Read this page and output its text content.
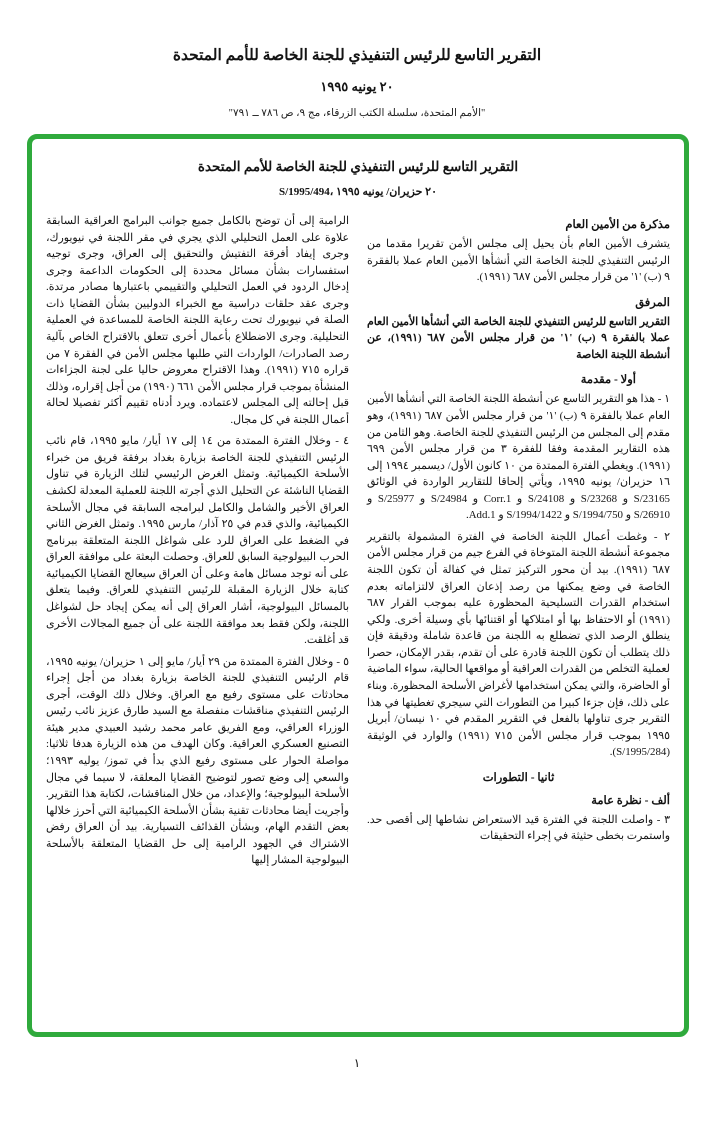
التقرير التاسع للرئيس التنفيذي للجنة الخاصة للأمم المتحدة
٢٠ يونيه ١٩٩٥
"الأمم المتحدة، سلسلة الكتب الزرقاء، مج ٩، ص ٧٨٦ ــ ٧٩١"
التقرير التاسع للرئيس التنفيذي للجنة الخاصة للأمم المتحدة
S/1995/494، ٢٠ حزيران/ يونيه ١٩٩٥
مذكرة من الأمين العام

يتشرف الأمين العام بأن يحيل إلى مجلس الأمن تقريرا مقدما من الرئيس التنفيذي للجنة الخاصة التي أنشأها الأمين العام عملا بالفقرة ٩ (ب) '١' من قرار مجلس الأمن ٦٨٧ (١٩٩١).

المرفق

التقرير التاسع للرئيس التنفيذي للجنة الخاصة التي أنشأها الأمين العام عملا بالفقرة ٩ (ب) '١' من قرار مجلس الأمن ٦٨٧ (١٩٩١)، عن أنشطة اللجنة الخاصة

أولا - مقدمة

١ - هذا هو التقرير التاسع عن أنشطة اللجنة الخاصة التي أنشأها الأمين العام عملا بالفقرة ٩ (ب) '١' من قرار مجلس الأمن ٦٨٧ (١٩٩١)، وهو مقدم إلى المجلس من الرئيس التنفيذي للجنة الخاصة. وهو الثامن من هذه التقارير المقدمة وفقا للفقرة ٣ من قرار مجلس الأمن ٦٩٩ (١٩٩١). ويغطي الفترة الممتدة من ١٠ كانون الأول/ ديسمبر ١٩٩٤ إلى ١٦ حزيران/ يونيه ١٩٩٥، ويأتي إلحاقا للتقارير الواردة في الوثائق S/23165 و S/23268 و S/24108 و Corr.1 و S/24984 و S/25977 و S/26910 و S/1994/750 و S/1994/1422 و Add.1.

٢ - وغطت أعمال اللجنة الخاصة في الفترة المشمولة بالتقرير مجموعة أنشطة اللجنة المتوخاة في الفرع جيم من قرار مجلس الأمن ٦٨٧ (١٩٩١). بيد أن محور التركيز تمثل في كفالة أن تكون اللجنة الخاصة في وضع يمكنها من رصد إذعان العراق لالتزاماته بعدم استخدام القدرات التسليحية المحظورة عليه بموجب القرار ٦٨٧ (١٩٩١) أو الاحتفاظ بها أو امتلاكها أو اقتنائها بأي وسيلة أخرى. ولكي ينطلق الرصد الذي تضطلع به اللجنة من قاعدة شاملة ودقيقة فإن ذلك يتطلب أن تكون اللجنة قادرة على أن تقدم، بقدر الإمكان، حصرا لعملية التخلص من القدرات العراقية أو مواقعها الحالية، سواء الماضية أو الحاضرة، والتي يمكن استخدامها لأغراض الأسلحة المحظورة. وبناء على ذلك، فإن جزءا كبيرا من التطورات التي سيجري تغطيتها في هذا التقرير جرى تناولها بالفعل في التقرير المقدم في ١٠ نيسان/ أبريل ١٩٩٥ بموجب قرار مجلس الأمن ٧١٥ (١٩٩١) والوارد في الوثيقة (S/1995/284).

ثانيا - التطورات
ألف - نظرة عامة

٣ - واصلت اللجنة في الفترة قيد الاستعراض نشاطها إلى أقصى حد. واستمرت بخطى حثيثة في إجراء التحقيقات

الرامية إلى أن توضح بالكامل جميع جوانب البرامج العراقية السابقة علاوة على العمل التحليلي الذي يجري في مقر اللجنة في نيويورك، وجرى إيفاد أفرقة التفتيش والتحقيق إلى العراق، وجرى توجيه استفسارات بشأن مسائل محددة إلى الحكومات الداعمة وجرى إدخال الردود في العمل التحليلي والتقييمي باعتبارها مصادر مرتدة. وجرى عقد حلقات دراسية مع الخبراء الدوليين بشأن القضايا ذات الصلة في نيويورك تحت رعاية اللجنة الخاصة للمساعدة في العملية التحليلية. وجرى الاضطلاع بأعمال أخرى تتعلق بالاقتراح الخاص بآلية رصد الصادرات/ الواردات التي طلبها مجلس الأمن في الفقرة ٧ من قراره ٧١٥ (١٩٩١). وهذا الاقتراح معروض حاليا على لجنة الجزاءات المنشأة بموجب قرار مجلس الأمن ٦٦١ (١٩٩٠) من أجل إقراره، وذلك قبل إحالته إلى المجلس لاعتماده. ويرد أدناه تقييم أكثر تفصيلا لحالة أعمال اللجنة في كل مجال.

٤ - وخلال الفترة الممتدة من ١٤ إلى ١٧ أيار/ مايو ١٩٩٥، قام نائب الرئيس التنفيذي للجنة الخاصة بزيارة بغداد برفقة فريق من خبراء الأسلحة الكيميائية. وتمثل الغرض الرئيسي لتلك الزيارة في تناول القضايا الناشئة عن التحليل الذي أجرته اللجنة للعملية المعدلة لكشف العراق الأخير والشامل والكامل لبرامجه السابقة في مجال الأسلحة الكيميائية، والذي قدم في ٢٥ آذار/ مارس ١٩٩٥. وتمثل الغرض الثاني في الضغط على العراق للرد على شواغل اللجنة المتعلقة ببرنامج الحرب البيولوجية السابق للعراق. وحصلت البعثة على موافقة العراق على أنه توجد مسائل هامة وعلى أن العراق سيعالج القضايا الكيميائية كتابة خلال الزيارة المقبلة للرئيس التنفيذي للعراق. وفيما يتعلق بالمسائل البيولوجية، أشار العراق إلى أنه يمكن إيجاد حل لشواغل اللجنة، ولكن فقط بعد موافقة اللجنة على أن جميع المجالات الأخرى قد أغلقت.

٥ - وخلال الفترة الممتدة من ٢٩ أيار/ مايو إلى ١ حزيران/ يونيه ١٩٩٥، قام الرئيس التنفيذي للجنة الخاصة بزيارة بغداد من أجل إجراء محادثات على مستوى رفيع مع العراق. وخلال ذلك الوقت، أجرى الرئيس التنفيذي مناقشات منفصلة مع السيد طارق عزيز نائب رئيس الوزراء العراقي، ومع الفريق عامر محمد رشيد العبيدي مدير هيئة التصنيع العسكري العراقية. وكان الهدف من هذه الزيارة هدفا ثلاثيا: مواصلة الحوار على مستوى رفيع الذي بدأ في تموز/ يوليه ١٩٩٣؛ والسعي إلى وضع تصور لتوضيح القضايا المعلقة، لا سيما في مجال الأسلحة البيولوجية؛ والإعداد، من خلال المناقشات، لكتابة هذا التقرير. وأجريت أيضا محادثات تقنية بشأن الأسلحة الكيميائية التي أحرز خلالها بعض التقدم الهام، وبشأن القذائف التسيارية. بيد أن العراق رفض الاشتراك في الجهود الرامية إلى حل القضايا المتعلقة بالأسلحة البيولوجية المشار إليها

١
